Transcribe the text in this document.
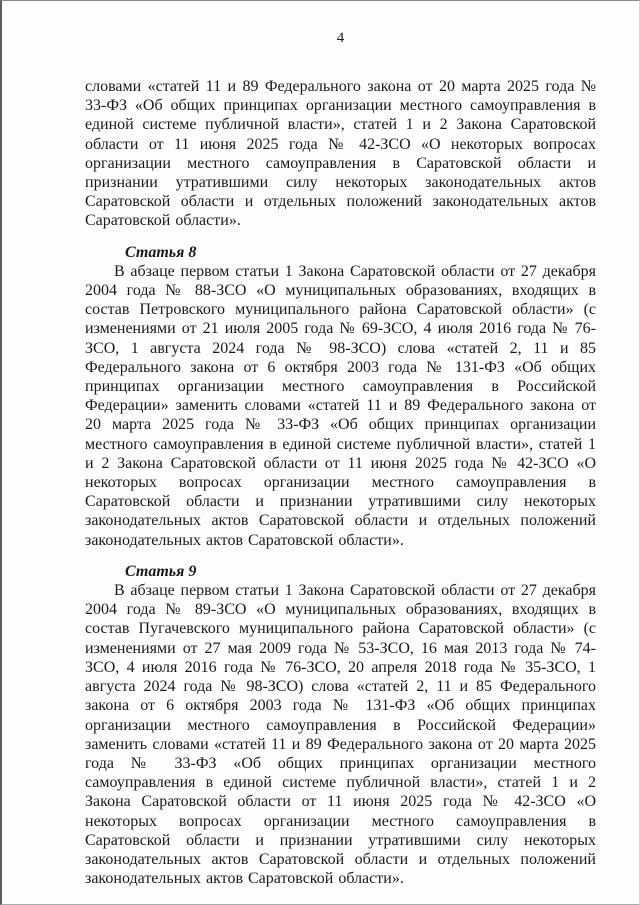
4

словами «статей 11 и 89 Федерального закона от 20 марта 2025 года № 33-ФЗ «Об общих принципах организации местного самоуправления в единой системе публичной власти», статей 1 и 2 Закона Саратовской области от 11 июня 2025 года № 42-ЗСО «О некоторых вопросах организации местного самоуправления в Саратовской области и признании утратившими силу некоторых законодательных актов Саратовской области и отдельных положений законодательных актов Саратовской области».

Статья 8

В абзаце первом статьи 1 Закона Саратовской области от 27 декабря 2004 года № 88-ЗСО «О муниципальных образованиях, входящих в состав Петровского муниципального района Саратовской области» (с изменениями от 21 июля 2005 года № 69-ЗСО, 4 июля 2016 года № 76-ЗСО, 1 августа 2024 года № 98-ЗСО) слова «статей 2, 11 и 85 Федерального закона от 6 октября 2003 года № 131-ФЗ «Об общих принципах организации местного самоуправления в Российской Федерации» заменить словами «статей 11 и 89 Федерального закона от 20 марта 2025 года № 33-ФЗ «Об общих принципах организации местного самоуправления в единой системе публичной власти», статей 1 и 2 Закона Саратовской области от 11 июня 2025 года № 42-ЗСО «О некоторых вопросах организации местного самоуправления в Саратовской области и признании утратившими силу некоторых законодательных актов Саратовской области и отдельных положений законодательных актов Саратовской области».

Статья 9

В абзаце первом статьи 1 Закона Саратовской области от 27 декабря 2004 года № 89-ЗСО «О муниципальных образованиях, входящих в состав Пугачевского муниципального района Саратовской области» (с изменениями от 27 мая 2009 года № 53-ЗСО, 16 мая 2013 года № 74-ЗСО, 4 июля 2016 года № 76-ЗСО, 20 апреля 2018 года № 35-ЗСО, 1 августа 2024 года № 98-ЗСО) слова «статей 2, 11 и 85 Федерального закона от 6 октября 2003 года № 131-ФЗ «Об общих принципах организации местного самоуправления в Российской Федерации» заменить словами «статей 11 и 89 Федерального закона от 20 марта 2025 года № 33-ФЗ «Об общих принципах организации местного самоуправления в единой системе публичной власти», статей 1 и 2 Закона Саратовской области от 11 июня 2025 года № 42-ЗСО «О некоторых вопросах организации местного самоуправления в Саратовской области и признании утратившими силу некоторых законодательных актов Саратовской области и отдельных положений законодательных актов Саратовской области».
